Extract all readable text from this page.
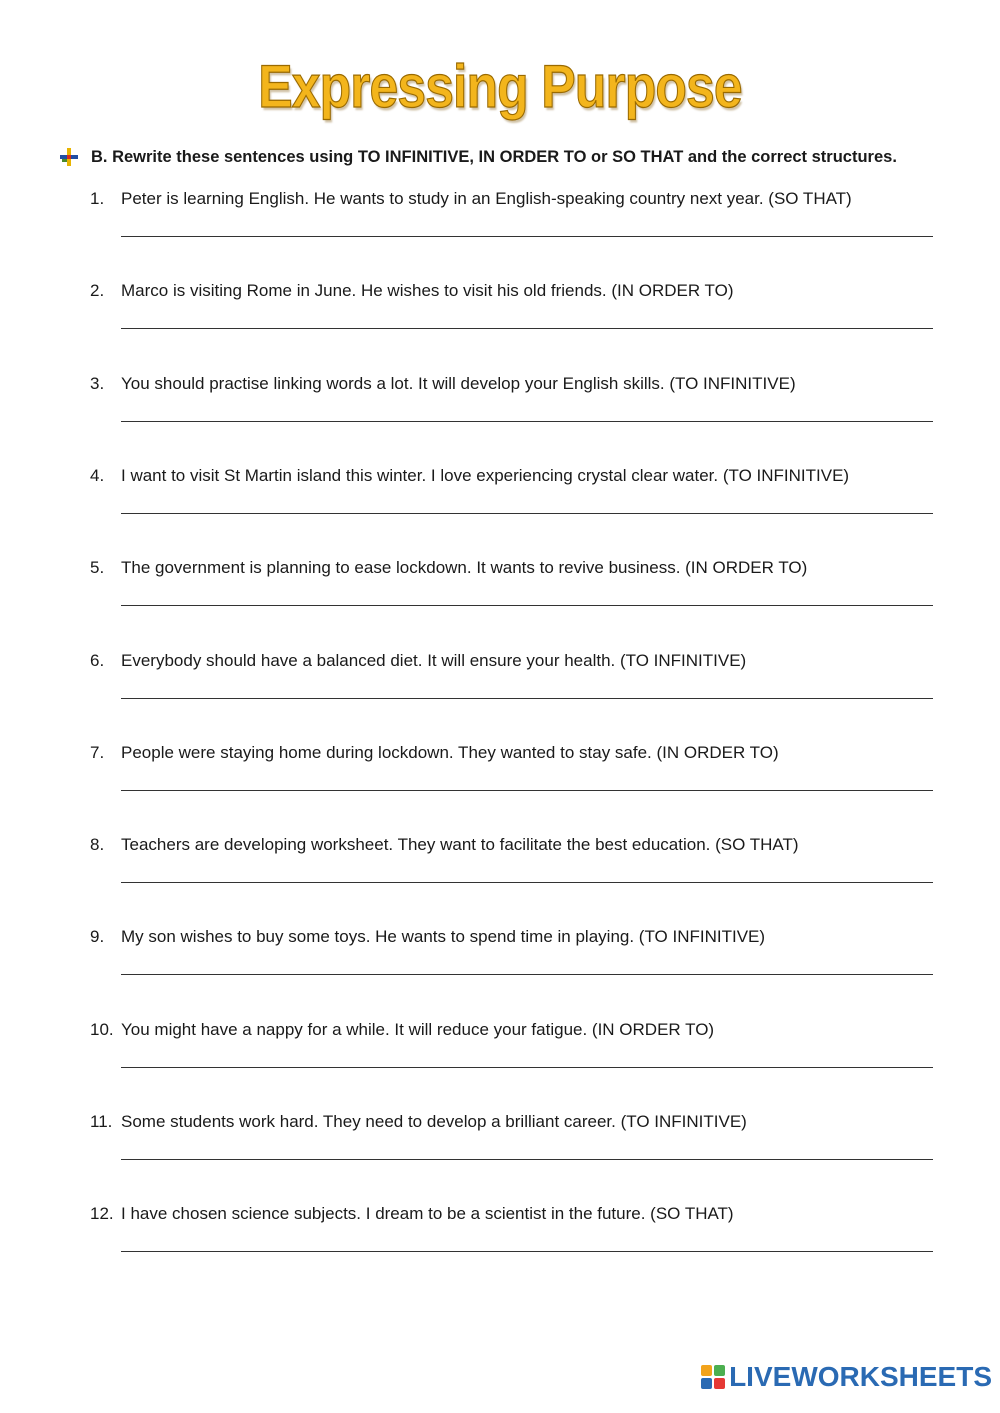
Expressing Purpose
B. Rewrite these sentences using TO INFINITIVE, IN ORDER TO or SO THAT and the correct structures.
1. Peter is learning English. He wants to study in an English-speaking country next year. (SO THAT)
2. Marco is visiting Rome in June. He wishes to visit his old friends. (IN ORDER TO)
3. You should practise linking words a lot. It will develop your English skills. (TO INFINITIVE)
4. I want to visit St Martin island this winter. I love experiencing crystal clear water. (TO INFINITIVE)
5. The government is planning to ease lockdown. It wants to revive business. (IN ORDER TO)
6. Everybody should have a balanced diet. It will ensure your health. (TO INFINITIVE)
7. People were staying home during lockdown. They wanted to stay safe. (IN ORDER TO)
8. Teachers are developing worksheet. They want to facilitate the best education. (SO THAT)
9. My son wishes to buy some toys. He wants to spend time in playing. (TO INFINITIVE)
10. You might have a nappy for a while. It will reduce your fatigue. (IN ORDER TO)
11. Some students work hard. They need to develop a brilliant career. (TO INFINITIVE)
12. I have chosen science subjects. I dream to be a scientist in the future. (SO THAT)
LIVEWORKSHEETS
